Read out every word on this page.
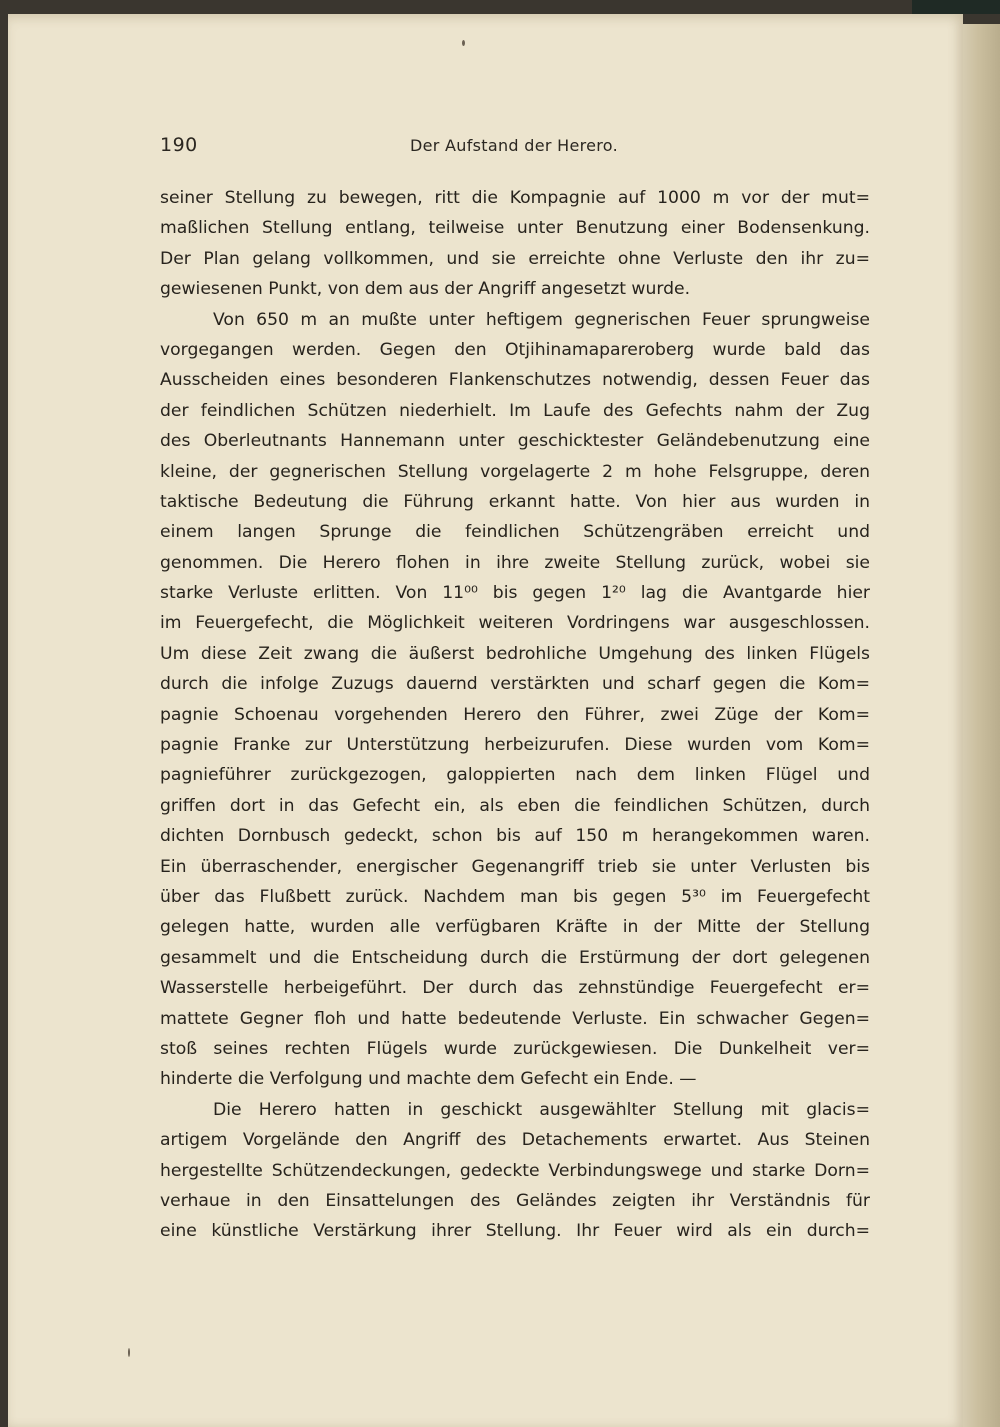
190	Der Aufstand der Herero.
seiner Stellung zu bewegen, ritt die Kompagnie auf 1000 m vor der mut=
maßlichen Stellung entlang, teilweise unter Benutzung einer Bodensenkung.
Der Plan gelang vollkommen, und sie erreichte ohne Verluste den ihr zu=
gewiesenen Punkt, von dem aus der Angriff angesetzt wurde.
Von 650 m an mußte unter heftigem gegnerischen Feuer sprungweise
vorgegangen werden. Gegen den Otjihinamapareroberg wurde bald das
Ausscheiden eines besonderen Flankenschutzes notwendig, dessen Feuer das
der feindlichen Schützen niederhielt. Im Laufe des Gefechts nahm der Zug
des Oberleutnants Hannemann unter geschicktester Geländebenutzung eine
kleine, der gegnerischen Stellung vorgelagerte 2 m hohe Felsgruppe, deren
taktische Bedeutung die Führung erkannt hatte. Von hier aus wurden in
einem langen Sprunge die feindlichen Schützengräben erreicht und
genommen. Die Herero flohen in ihre zweite Stellung zurück, wobei sie
starke Verluste erlitten. Von 11⁰⁰ bis gegen 1²⁰ lag die Avantgarde hier
im Feuergefecht, die Möglichkeit weiteren Vordringens war ausgeschlossen.
Um diese Zeit zwang die äußerst bedrohliche Umgehung des linken Flügels
durch die infolge Zuzugs dauernd verstärkten und scharf gegen die Kom=
pagnie Schoenau vorgehenden Herero den Führer, zwei Züge der Kom=
pagnie Franke zur Unterstützung herbeizurufen. Diese wurden vom Kom=
pagnieführer zurückgezogen, galoppierten nach dem linken Flügel und
griffen dort in das Gefecht ein, als eben die feindlichen Schützen, durch
dichten Dornbusch gedeckt, schon bis auf 150 m herangekommen waren.
Ein überraschender, energischer Gegenangriff trieb sie unter Verlusten bis
über das Flußbett zurück. Nachdem man bis gegen 5³⁰ im Feuergefecht
gelegen hatte, wurden alle verfügbaren Kräfte in der Mitte der Stellung
gesammelt und die Entscheidung durch die Erstürmung der dort gelegenen
Wasserstelle herbeigeführt. Der durch das zehnstündige Feuergefecht er=
mattete Gegner floh und hatte bedeutende Verluste. Ein schwacher Gegen=
stoß seines rechten Flügels wurde zurückgewiesen. Die Dunkelheit ver=
hinderte die Verfolgung und machte dem Gefecht ein Ende. —
Die Herero hatten in geschickt ausgewählter Stellung mit glacis=
artigem Vorgelände den Angriff des Detachements erwartet. Aus Steinen
hergestellte Schützendeckungen, gedeckte Verbindungswege und starke Dorn=
verhaue in den Einsattelungen des Geländes zeigten ihr Verständnis für
eine künstliche Verstärkung ihrer Stellung. Ihr Feuer wird als ein durch=
